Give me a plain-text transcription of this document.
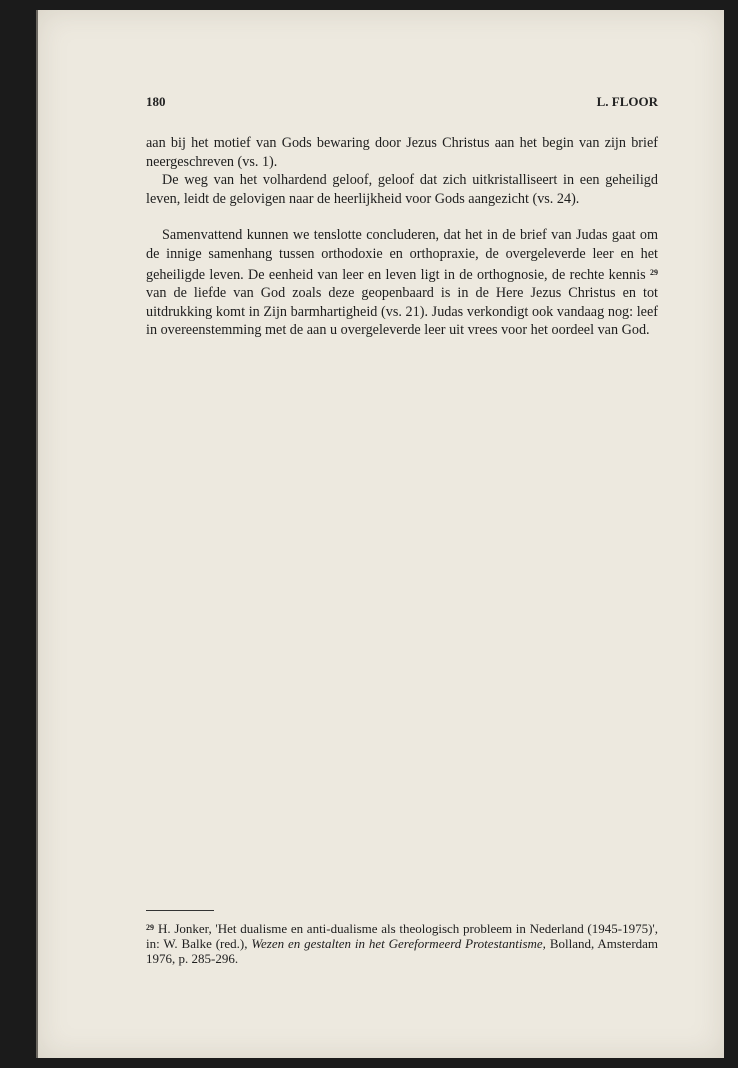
180	L. FLOOR

aan bij het motief van Gods bewaring door Jezus Christus aan het begin van zijn brief neergeschreven (vs. 1).

De weg van het volhardend geloof, geloof dat zich uitkristalliseert in een geheiligd leven, leidt de gelovigen naar de heerlijkheid voor Gods aangezicht (vs. 24).

Samenvattend kunnen we tenslotte concluderen, dat het in de brief van Judas gaat om de innige samenhang tussen orthodoxie en orthopraxie, de overgeleverde leer en het geheiligde leven. De eenheid van leer en leven ligt in de orthognosie, de rechte kennis $^{29}$ van de liefde van God zoals deze geopenbaard is in de Here Jezus Christus en tot uitdrukking komt in Zijn barmhartigheid (vs. 21). Judas verkondigt ook vandaag nog: leef in overeenstemming met de aan u overgeleverde leer uit vrees voor het oordeel van God.

$^{29}$ H. Jonker, 'Het dualisme en anti-dualisme als theologisch probleem in Nederland (1945-1975)', in: W. Balke (red.), Wezen en gestalten in het Gereformeerd Protestantisme, Bolland, Amsterdam 1976, p. 285-296.
